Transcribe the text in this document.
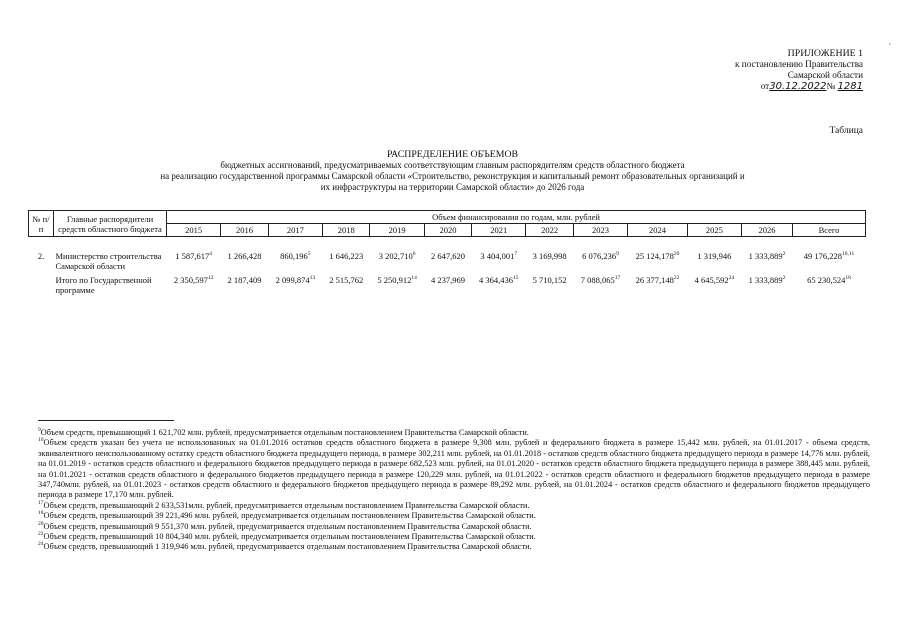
·
ПРИЛОЖЕНИЕ 1
к постановлению Правительства
Самарской области
от30.12.2022№ 1281
Таблица
РАСПРЕДЕЛЕНИЕ ОБЪЕМОВ
бюджетных ассигнований, предусматриваемых соответствующим главным распорядителям средств областного бюджета
на реализацию государственной программы Самарской области «Строительство, реконструкция и капитальный ремонт образовательных организаций и
их инфраструктуры на территории Самарской области» до 2026 года
№ п/п	Главные распорядители средств областного бюджета	Объем финансирования по годам, млн. рублей												
		2015	2016	2017	2018	2019	2020	2021	2022	2023	2024	2025	2026	Всего

2.	Министерство строительства Самарской области	1 587,617$^4$	1 266,428	860,196$^5$	1 646,223	3 202,710$^6$	2 647,620	3 404,001$^7$	3 169,998	6 076,236$^9$	25 124,178$^{20}$	1 319,946	1 333,889$^2$	49 176,228$^{10,11}$
	Итого по Государственной программе	2 350,597$^{12}$	2 187,409	2 099,874$^{13}$	2 515,762	5 250,912$^{14}$	4 237,969	4 364,436$^{15}$	5 710,152	7 088,065$^{17}$	26 377,148$^{22}$	4 645,592$^{24}$	1 333,889$^2$	65 230,524$^{18}$

$^9$Объем средств, превышающий 1 621,702 млн. рублей, предусматривается отдельным постановлением Правительства Самарской области.

$^{10}$Объем средств указан без учета не использованных на 01.01.2016 остатков средств областного бюджета в размере 9,308 млн. рублей и федерального бюджета в размере 15,442 млн. рублей, на 01.01.2017 - объема средств, эквивалентного неиспользованному остатку средств областного бюджета предыдущего периода, в размере 302,211 млн. рублей, на 01.01.2018 - остатков средств областного бюджета предыдущего периода в размере 14,776 млн. рублей, на 01.01.2019 - остатков средств областного и федерального бюджетов предыдущего периода в размере 682,523 млн. рублей, на 01.01.2020 - остатков средств областного бюджета предыдущего периода в размере 388,445 млн. рублей, на 01.01.2021 - остатков средств областного и федерального бюджетов предыдущего периода в размере 120,229 млн. рублей, на 01.01.2022 - остатков средств областного и федерального бюджетов предыдущего периода в размере 347,740млн. рублей, на 01.01.2023 - остатков средств областного и федерального бюджетов предыдущего периода в размере 89,292 млн. рублей, на 01.01.2024 - остатков средств областного и федерального бюджетов предыдущего периода в размере 17,170 млн. рублей.

$^{17}$Объем средств, превышающий 2 633,531млн. рублей, предусматривается отдельным постановлением Правительства Самарской области.

$^{18}$Объем средств, превышающий 39 221,496 млн. рублей, предусматривается отдельным постановлением Правительства Самарской области.

$^{20}$Объем средств, превышающий 9 551,370 млн. рублей, предусматривается отдельным постановлением Правительства Самарской области.

$^{22}$Объем средств, превышающий 10 804,340 млн. рублей, предусматривается отдельным постановлением Правительства Самарской области.

$^{24}$Объем средств, превышающий 1 319,946 млн. рублей, предусматривается отдельным постановлением Правительства Самарской области.
